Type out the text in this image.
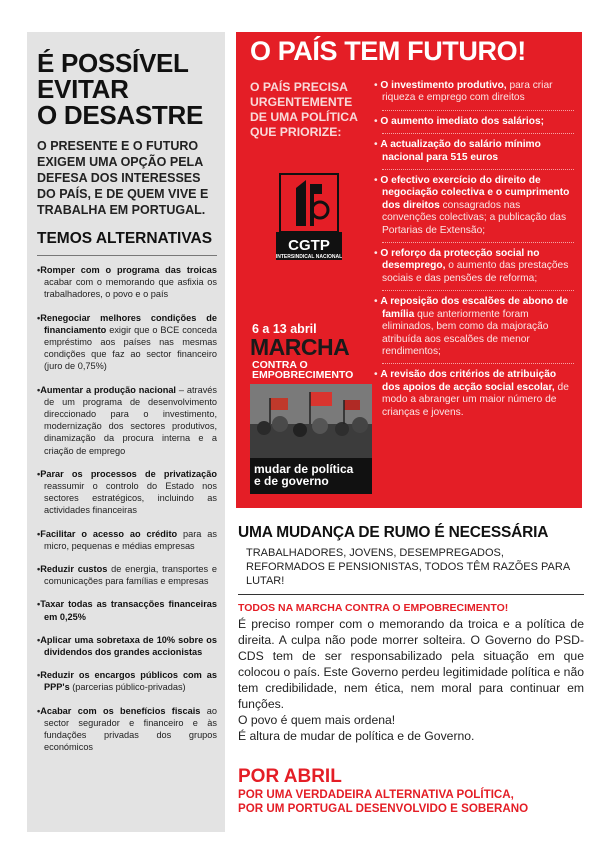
É POSSÍVEL
EVITAR
O DESASTRE
O PRESENTE E O FUTURO EXIGEM UMA OPÇÃO PELA DEFESA DOS INTERESSES DO PAÍS, E DE QUEM VIVE E TRABALHA EM PORTUGAL.
TEMOS ALTERNATIVAS
•Romper com o programa das troicas acabar com o memorando que asfixia os trabalhadores, o povo e o país
•Renegociar melhores condições de financiamento exigir que o BCE conceda empréstimo aos países nas mesmas condições que faz ao sector financeiro (juro de 0,75%)
•Aumentar a produção nacional – através de um programa de desenvolvimento direccionado para o investimento, modernização dos sectores produtivos, dinamização da procura interna e a criação de emprego
•Parar os processos de privatização reassumir o controlo do Estado nos sectores estratégicos, incluindo as actividades financeiras
•Facilitar o acesso ao crédito para as micro, pequenas e médias empresas
•Reduzir custos de energia, transportes e comunicações para famílias e empresas
•Taxar todas as transacções financeiras em 0,25%
•Aplicar uma sobretaxa de 10% sobre os dividendos dos grandes accionistas
•Reduzir os encargos públicos com as PPP's (parcerias público-privadas)
•Acabar com os benefícios fiscais ao sector segurador e financeiro e às fundações privadas dos grupos económicos
O PAÍS TEM FUTURO!
O PAÍS PRECISA URGENTEMENTE DE UMA POLÍTICA QUE PRIORIZE:
CGTP
INTERSINDICAL NACIONAL
6 a 13 abril
MARCHA
CONTRA O
EMPOBRECIMENTO
mudar de política
e de governo
• O investimento produtivo, para criar riqueza e emprego com direitos
• O aumento imediato dos salários;
• A actualização do salário mínimo nacional para 515 euros
• O efectivo exercício do direito de negociação colectiva e o cumprimento dos direitos consagrados nas convenções colectivas; a publicação das Portarias de Extensão;
• O reforço da protecção social no desemprego, o aumento das prestações sociais e das pensões de reforma;
• A reposição dos escalões de abono de família que anteriormente foram eliminados, bem como da majoração atribuída aos escalões de menor rendimentos;
• A revisão dos critérios de atribuição dos apoios de acção social escolar, de modo a abranger um maior número de crianças e jovens.
UMA MUDANÇA DE RUMO É NECESSÁRIA
TRABALHADORES, JOVENS, DESEMPREGADOS, REFORMADOS E PENSIONISTAS, TODOS TÊM RAZÕES PARA LUTAR!
TODOS NA MARCHA CONTRA O EMPOBRECIMENTO!
É preciso romper com o memorando da troica e a política de direita. A culpa não pode morrer solteira. O Governo do PSD-CDS tem de ser responsabilizado pela situação em que colocou o país. Este Governo perdeu legitimidade política e não tem credibilidade, nem ética, nem moral para continuar em funções.
O povo é quem mais ordena!
É altura de mudar de política e de Governo.
POR ABRIL
POR UMA VERDADEIRA ALTERNATIVA POLÍTICA,
POR UM PORTUGAL DESENVOLVIDO E SOBERANO
